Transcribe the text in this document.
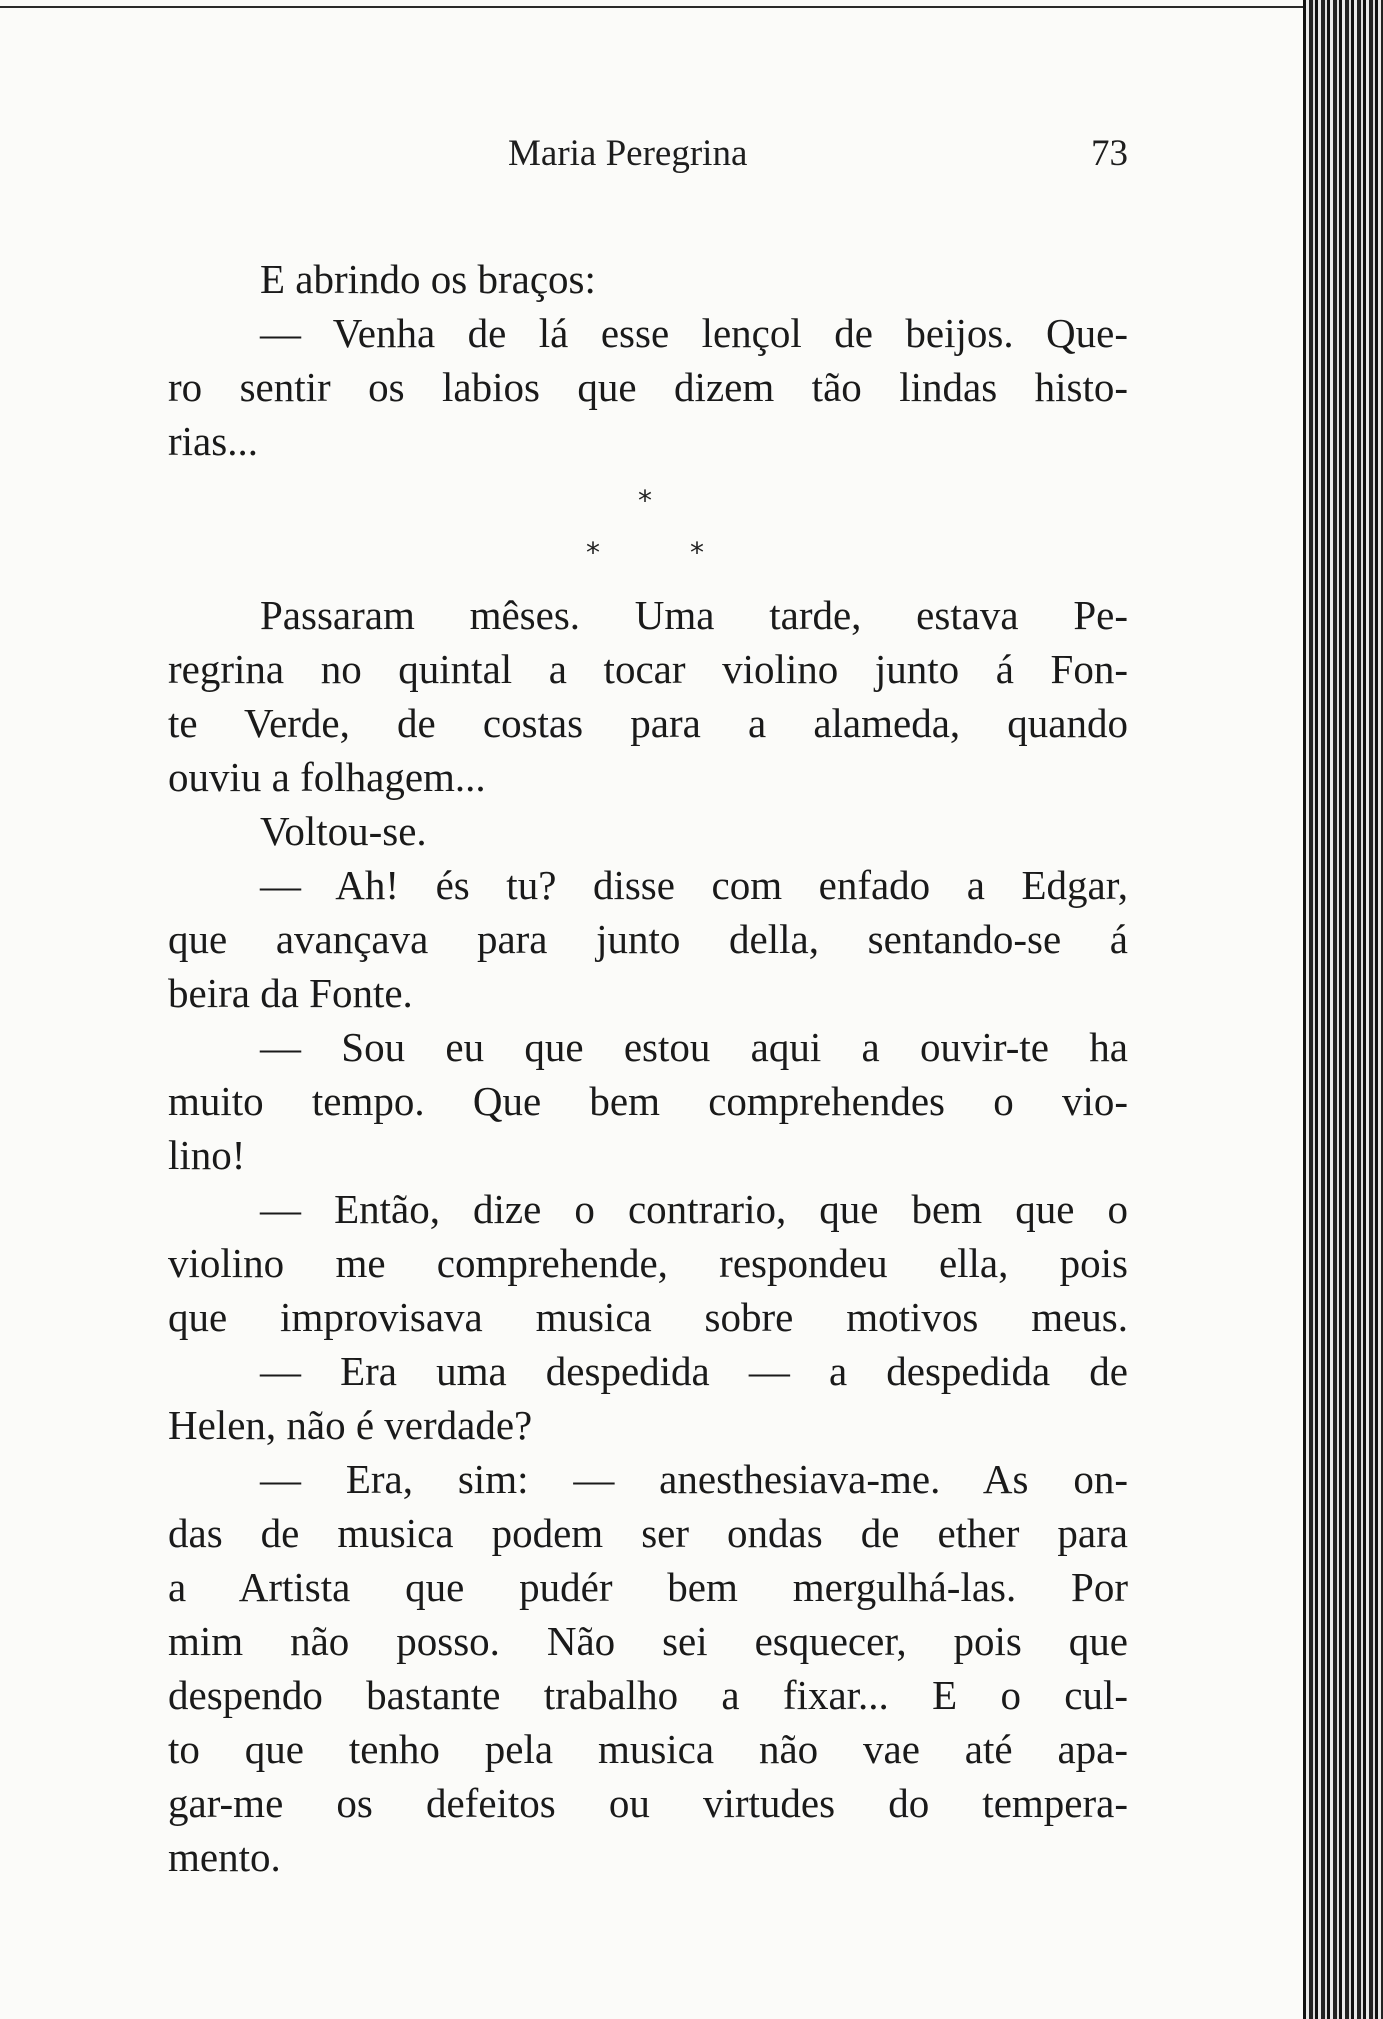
Maria Peregrina	73
E abrindo os braços:
— Venha de lá esse lençol de beijos. Que-
ro sentir os labios que dizem tão lindas histo-
rias...
*
*	*
Passaram mêses. Uma tarde, estava Pe-
regrina no quintal a tocar violino junto á Fon-
te Verde, de costas para a alameda, quando
ouviu a folhagem...
Voltou-se.
— Ah! és tu? disse com enfado a Edgar,
que avançava para junto della, sentando-se á
beira da Fonte.
— Sou eu que estou aqui a ouvir-te ha
muito tempo. Que bem comprehendes o vio-
lino!
— Então, dize o contrario, que bem que o
violino me comprehende, respondeu ella, pois
que improvisava musica sobre motivos meus.
— Era uma despedida — a despedida de
Helen, não é verdade?
— Era, sim: — anesthesiava-me. As on-
das de musica podem ser ondas de ether para
a Artista que pudér bem mergulhá-las. Por
mim não posso. Não sei esquecer, pois que
despendo bastante trabalho a fixar... E o cul-
to que tenho pela musica não vae até apa-
gar-me os defeitos ou virtudes do tempera-
mento.
